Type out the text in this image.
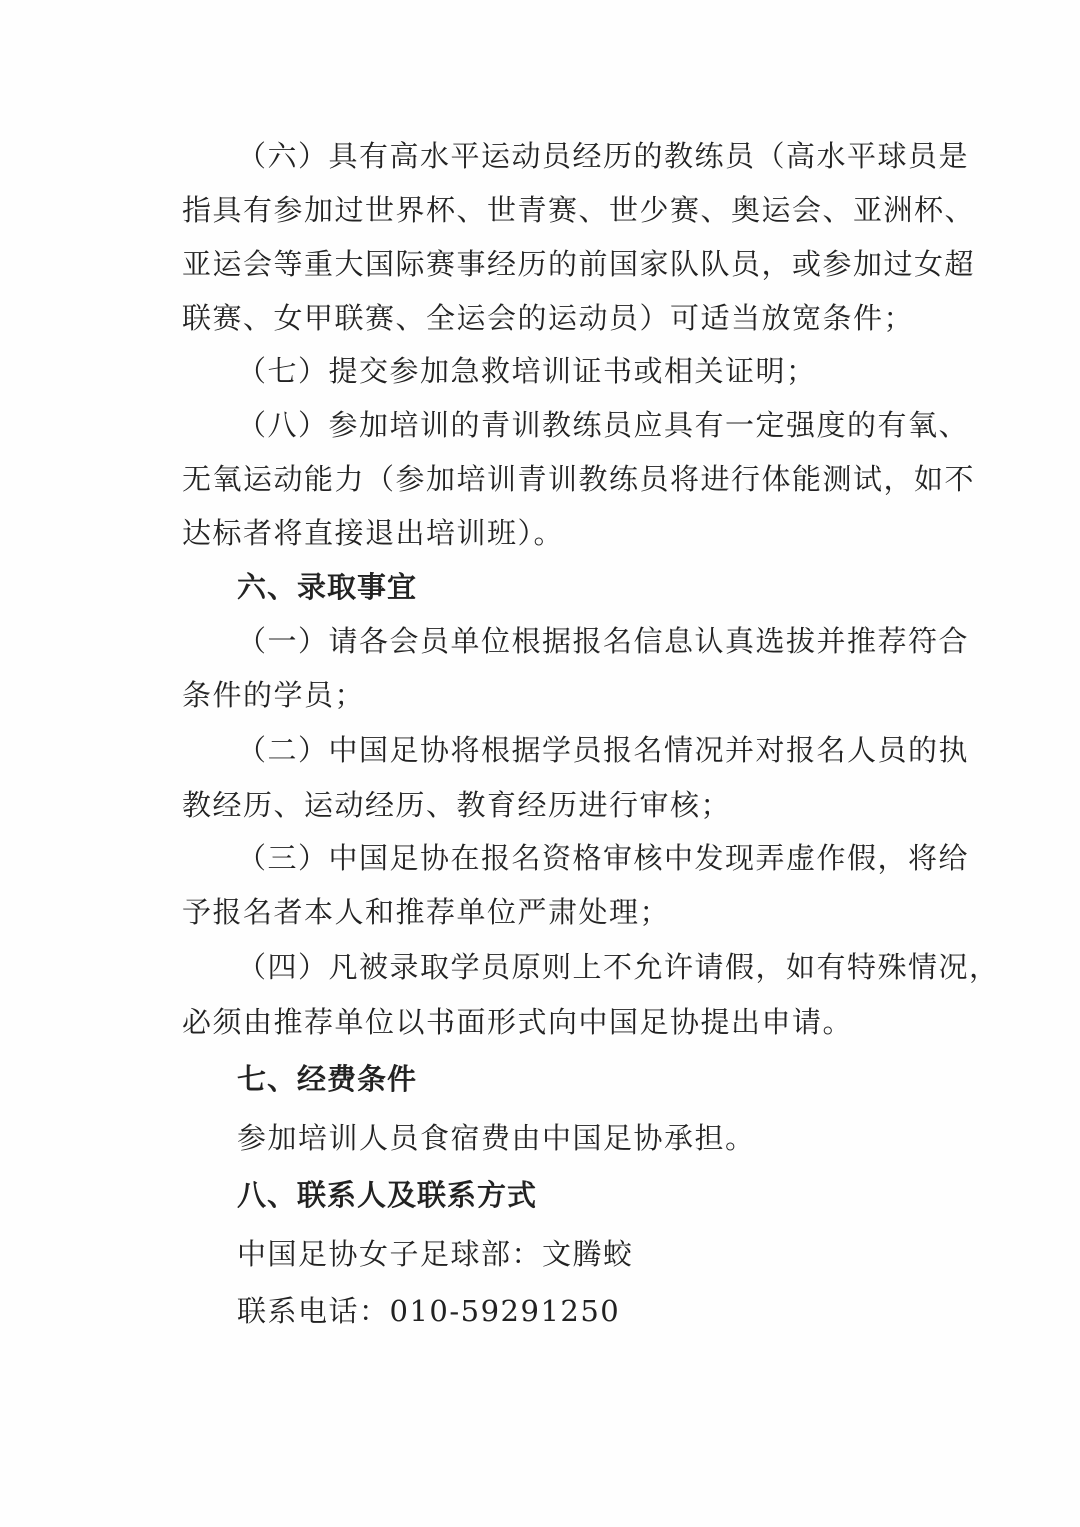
（六）具有高水平运动员经历的教练员（高水平球员是
指具有参加过世界杯、世青赛、世少赛、奥运会、亚洲杯、
亚运会等重大国际赛事经历的前国家队队员，或参加过女超
联赛、女甲联赛、全运会的运动员）可适当放宽条件；
（七）提交参加急救培训证书或相关证明；
（八）参加培训的青训教练员应具有一定强度的有氧、
无氧运动能力（参加培训青训教练员将进行体能测试，如不
达标者将直接退出培训班）。
六、录取事宜
（一）请各会员单位根据报名信息认真选拔并推荐符合
条件的学员；
（二）中国足协将根据学员报名情况并对报名人员的执
教经历、运动经历、教育经历进行审核；
（三）中国足协在报名资格审核中发现弄虚作假，将给
予报名者本人和推荐单位严肃处理；
（四）凡被录取学员原则上不允许请假，如有特殊情况，
必须由推荐单位以书面形式向中国足协提出申请。
七、经费条件
参加培训人员食宿费由中国足协承担。
八、联系人及联系方式
中国足协女子足球部：文腾蛟
联系电话：010-59291250
